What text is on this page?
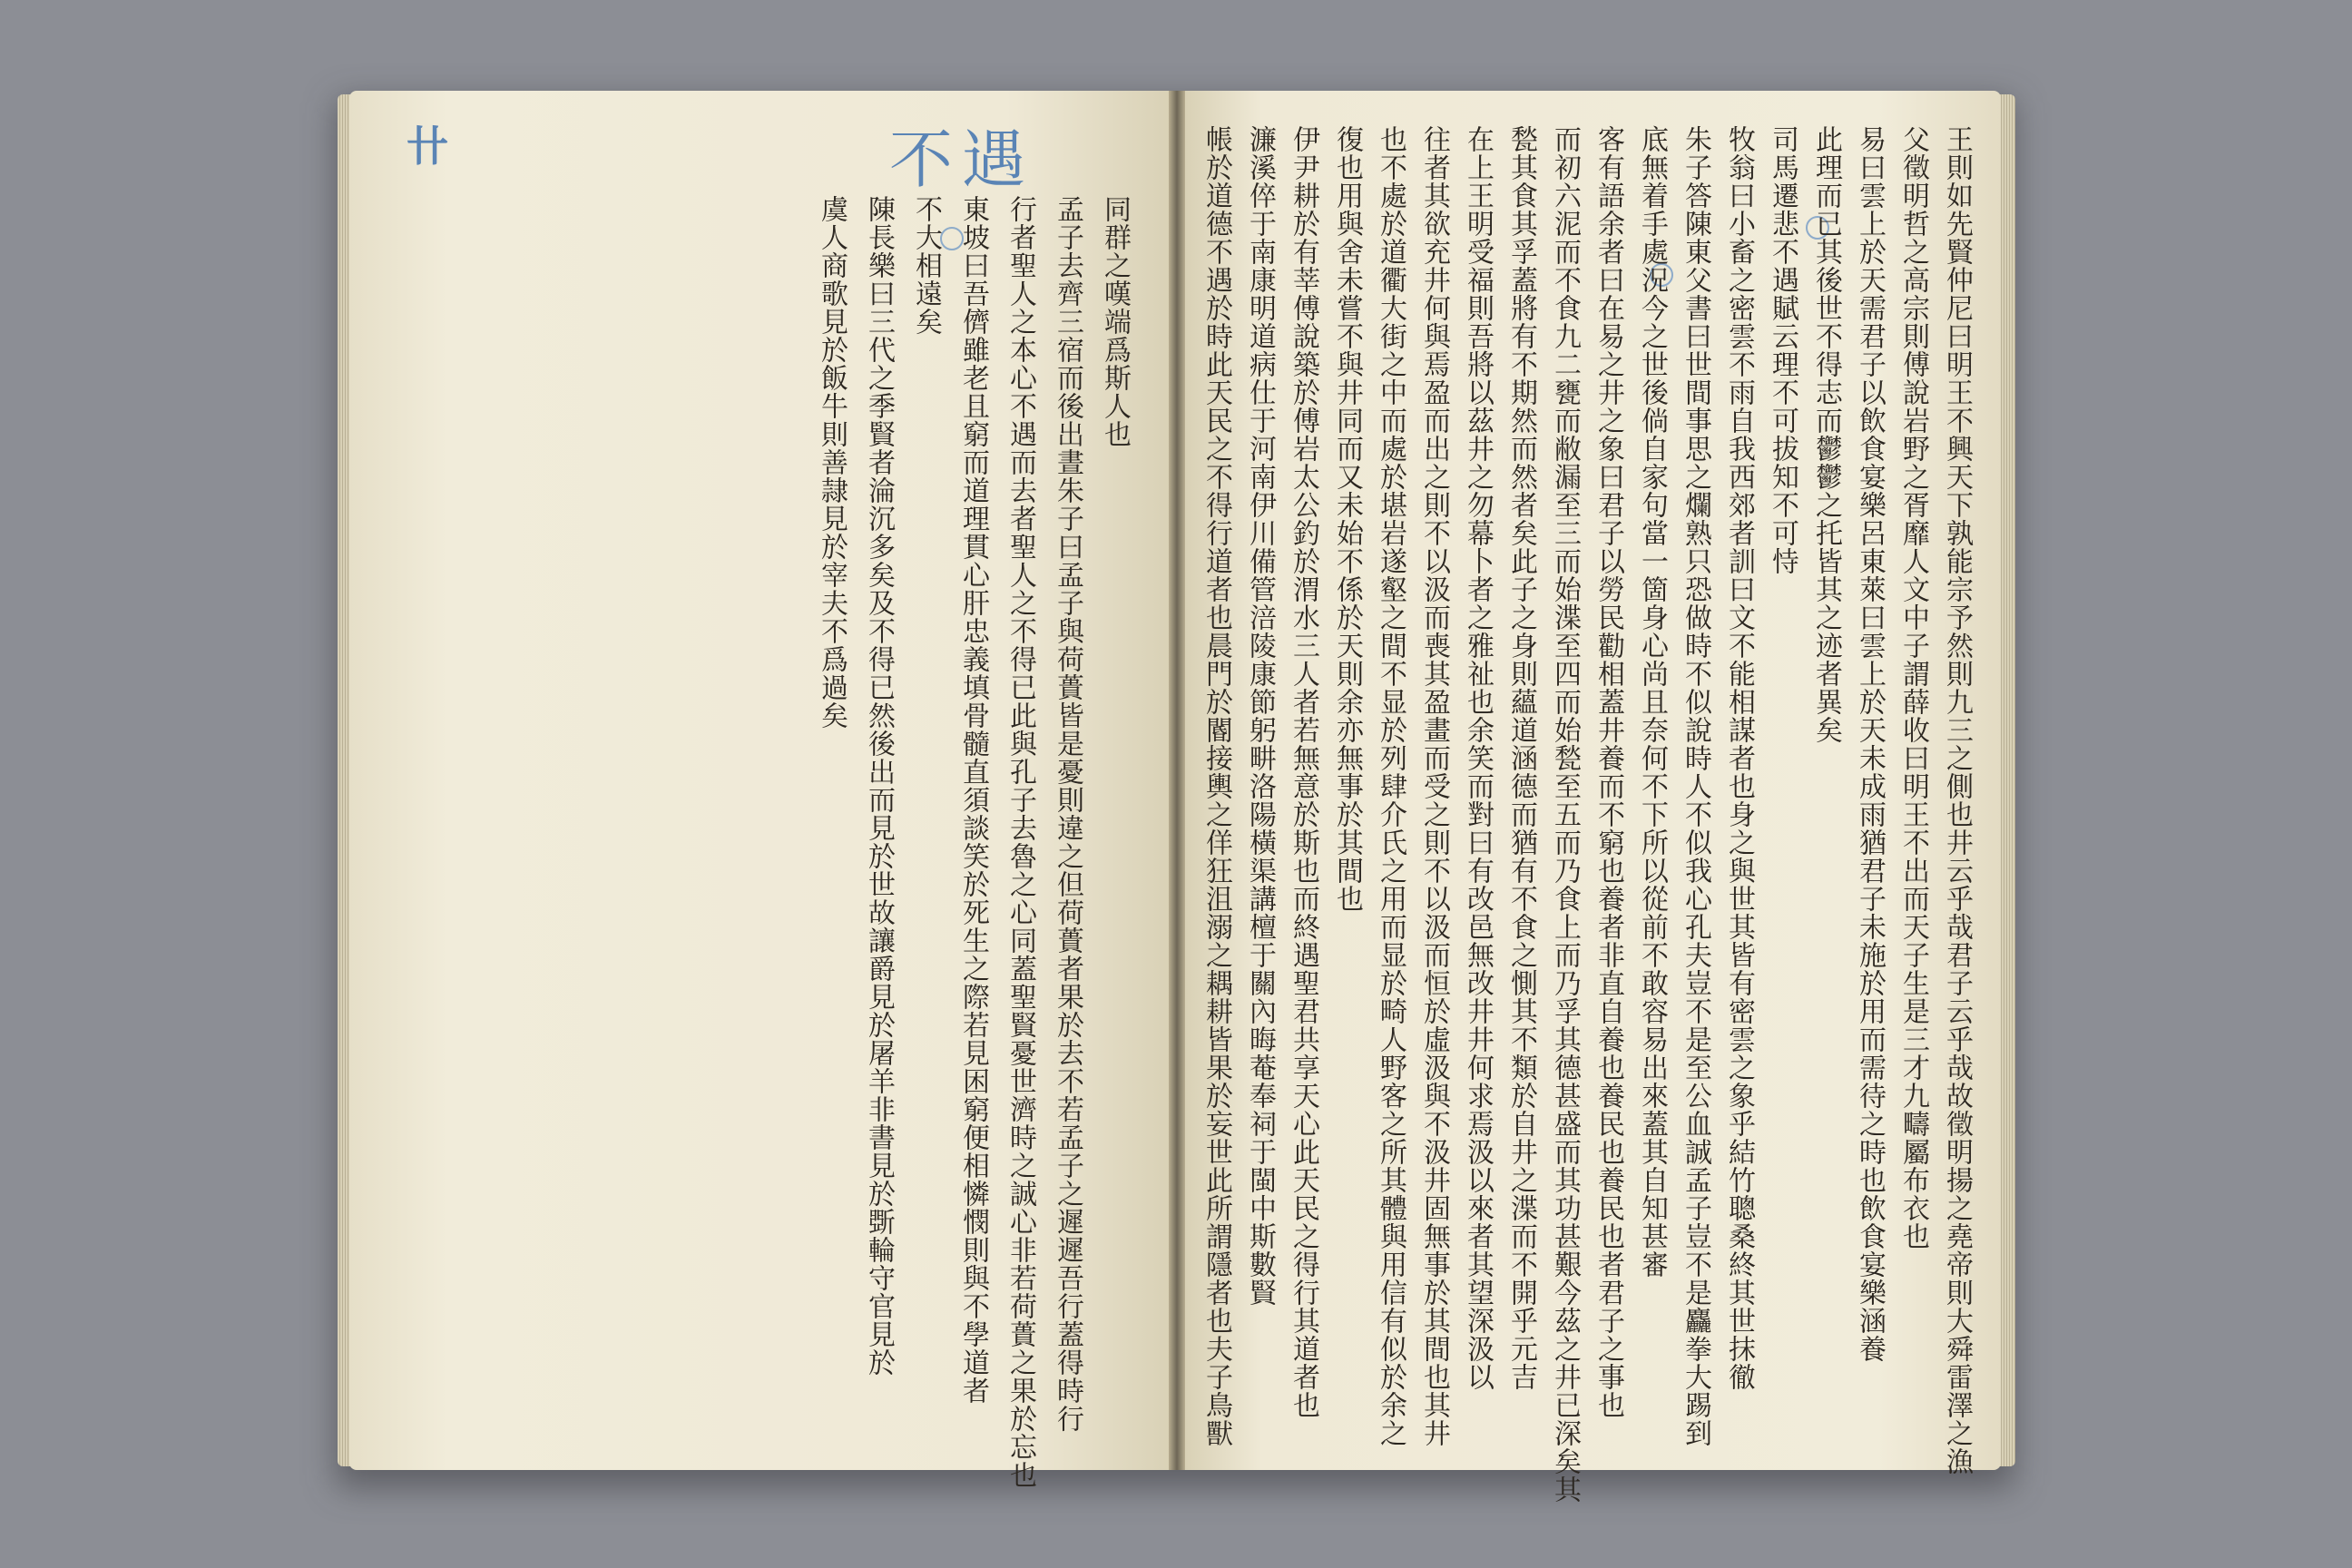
卄	不遇	王則如先賢仲尼曰明王不興天下孰能宗予然則九三之側也井云乎哉君子云乎哉故徵明揚之堯帝則大舜雷澤之漁
父徵明哲之高宗則傅說岩野之胥靡人文中子謂薛收曰明王不出而天子生是三才九疇屬布衣也
易曰雲上於天需君子以飲食宴樂呂東萊曰雲上於天未成雨猶君子未施於用而需待之時也飲食宴樂涵養
此理而已其後世不得志而鬱鬱之托皆其之迹者異矣
司馬遷悲不遇賦云理不可拔知不可恃
牧翁曰小畜之密雲不雨自我西郊者訓曰文不能相謀者也身之與世其皆有密雲之象乎結竹聰桑終其世抹徹
朱子答陳東父書曰世間事思之爛熟只恐做時不似說時人不似我心孔夫豈不是至公血誠孟子豈不是麤拳大踢到
底無着手處況今之世後倘自家句當一箇身心尚且奈何不下所以從前不敢容易出來蓋其自知甚審
客有語余者曰在易之井之象曰君子以勞民勸相蓋井養而不窮也養者非直自養也養民也養民也者君子之事也
而初六泥而不食九二甕而敝漏至三而始渫至四而始甃至五而乃食上而乃孚其德甚盛而其功甚艱今茲之井已深矣其
甃其食其孚蓋將有不期然而然者矣此子之身則蘊道涵德而猶有不食之惻其不類於自井之渫而不開乎元吉
在上王明受福則吾將以茲井之勿幕卜者之雅祉也余笑而對曰有改邑無改井井何求焉汲以來者其望深汲以
往者其欲充井何與焉盈而出之則不以汲而喪其盈畫而受之則不以汲而恒於虛汲與不汲井固無事於其間也其井
也不處於道衢大街之中而處於堪岩遂壑之間不显於列肆介氏之用而显於畸人野客之所其體與用信有似於余之
復也用與舍未嘗不與井同而又未始不係於天則余亦無事於其間也
伊尹耕於有莘傅說築於傅岩太公釣於渭水三人者若無意於斯也而終遇聖君共享天心此天民之得行其道者也
濂溪倅于南康明道病仕于河南伊川備管涪陵康節躬畊洛陽橫渠講檀于關內晦菴奉祠于閩中斯數賢
帳於道德不遇於時此天民之不得行道者也晨門於閽接輿之佯狂沮溺之耦耕皆果於妄世此所謂隱者也夫子鳥獸
同群之嘆端爲斯人也
孟子去齊三宿而後出晝朱子曰孟子與荷蕢皆是憂則違之但荷蕢者果於去不若孟子之遲遲吾行蓋得時行
行者聖人之本心不遇而去者聖人之不得已此與孔子去魯之心同蓋聖賢憂世濟時之誠心非若荷蕢之果於忘也
東坡曰吾儕雖老且窮而道理貫心肝忠義填骨髓直須談笑於死生之際若見困窮便相憐憫則與不學道者
不大相遠矣
陳長樂曰三代之季賢者淪沉多矣及不得已然後出而見於世故讓爵見於屠羊非書見於斲輪守官見於
虞人商歌見於飯牛則善隷見於宰夫不爲過矣
